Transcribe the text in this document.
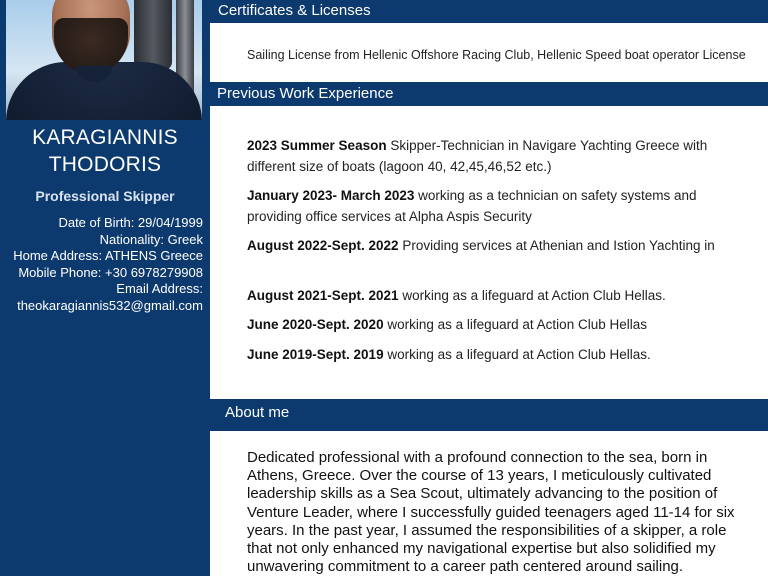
KARAGIANNIS
THODORIS
Professional Skipper
Date of Birth: 29/04/1999
Nationality: Greek
Home Address: ATHENS Greece
Mobile Phone: +30 6978279908
Email Address:
theokaragiannis532@gmail.com
Certificates & Licenses
Sailing License from Hellenic Offshore Racing Club, Hellenic Speed boat operator License
Previous Work Experience
2023 Summer Season Skipper-Technician in Navigare Yachting Greece with different size of boats (lagoon 40, 42,45,46,52 etc.)
January 2023- March 2023 working as a technician on safety systems and providing office services at Alpha Aspis Security
August 2022-Sept. 2022 Providing services at Athenian and Istion Yachting in
August 2021-Sept. 2021 working as a lifeguard at Action Club Hellas.
June 2020-Sept. 2020 working as a lifeguard at Action Club Hellas
June 2019-Sept. 2019 working as a lifeguard at Action Club Hellas.
About me
Dedicated professional with a profound connection to the sea, born in Athens, Greece. Over the course of 13 years, I meticulously cultivated leadership skills as a Sea Scout, ultimately advancing to the position of Venture Leader, where I successfully guided teenagers aged 11-14 for six years. In the past year, I assumed the responsibilities of a skipper, a role that not only enhanced my navigational expertise but also solidified my unwavering commitment to a career path centered around sailing.
